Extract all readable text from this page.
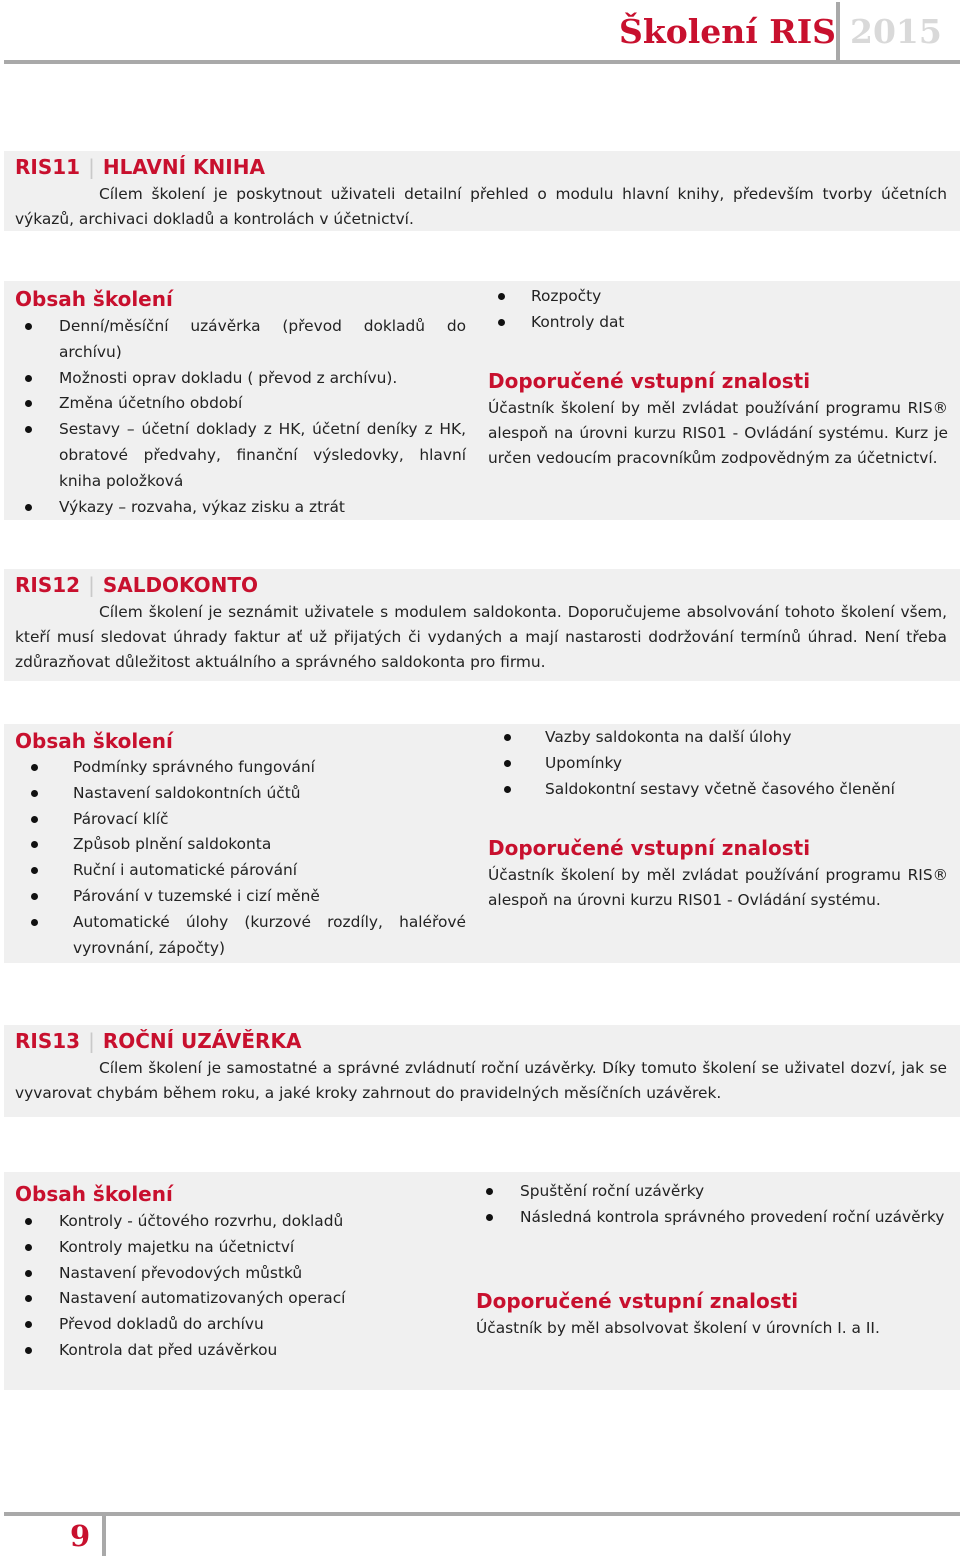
Školení RIS 2015
RIS11 | HLAVNÍ KNIHA

Cílem školení je poskytnout uživateli detailní přehled o modulu hlavní knihy, především tvorby účetních výkazů, archivaci dokladů a kontrolách v účetnictví.

Obsah školení
Denní/měsíční uzávěrka (převod dokladů do archívu)
Možnosti oprav dokladu ( převod z archívu).
Změna účetního období
Sestavy – účetní doklady z HK, účetní deníky z HK, obratové předvahy, finanční výsledovky, hlavní kniha položková
Výkazy – rozvaha, výkaz zisku a ztrát
Rozpočty
Kontroly dat
Doporučené vstupní znalosti

Účastník školení by měl zvládat používání programu RIS® alespoň na úrovni kurzu RIS01 - Ovládání systému. Kurz je určen vedoucím pracovníkům zodpovědným za účetnictví.

RIS12 | SALDOKONTO

Cílem školení je seznámit uživatele s modulem saldokonta. Doporučujeme absolvování tohoto školení všem, kteří musí sledovat úhrady faktur ať už přijatých či vydaných a mají nastarosti dodržování termínů úhrad. Není třeba zdůrazňovat důležitost aktuálního a správného saldokonta pro firmu.

Obsah školení
Podmínky správného fungování
Nastavení saldokontních účtů
Párovací klíč
Způsob plnění saldokonta
Ruční i automatické párování
Párování v tuzemské i cizí měně
Automatické úlohy (kurzové rozdíly, haléřové vyrovnání, zápočty)
Vazby saldokonta na další úlohy
Upomínky
Saldokontní sestavy včetně časového členění
Doporučené vstupní znalosti

Účastník školení by měl zvládat používání programu RIS® alespoň na úrovni kurzu RIS01 - Ovládání systému.

RIS13 | ROČNÍ UZÁVĚRKA

Cílem školení je samostatné a správné zvládnutí roční uzávěrky. Díky tomuto školení se uživatel dozví, jak se vyvarovat chybám během roku, a jaké kroky zahrnout do pravidelných měsíčních uzávěrek.

Obsah školení
Kontroly - účtového rozvrhu, dokladů
Kontroly majetku na účetnictví
Nastavení převodových můstků
Nastavení automatizovaných operací
Převod dokladů do archívu
Kontrola dat před uzávěrkou
Spuštění roční uzávěrky
Následná kontrola správného provedení roční uzávěrky
Doporučené vstupní znalosti

Účastník by měl absolvovat školení v úrovních I. a II.

9
